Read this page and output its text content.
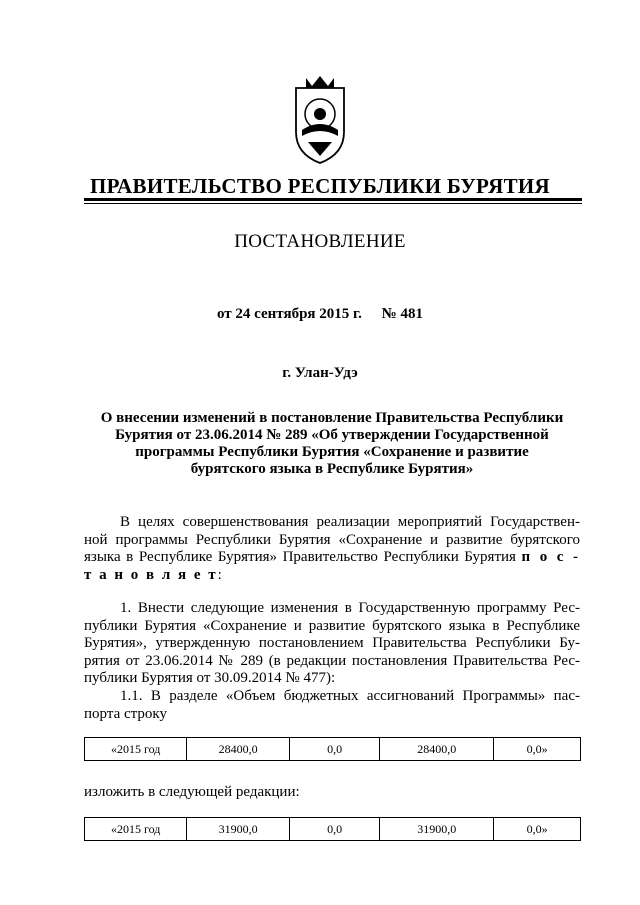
ПРАВИТЕЛЬСТВО РЕСПУБЛИКИ БУРЯТИЯ
ПОСТАНОВЛЕНИЕ
от 24 сентября 2015 г. № 481
г. Улан-Удэ
О внесении изменений в постановление Правительства Республики
Бурятия от 23.06.2014 № 289 «Об утверждении Государственной
программы Республики Бурятия «Сохранение и развитие
бурятского языка в Республике Бурятия»
В целях совершенствования реализации мероприятий Государствен-
ной программы Республики Бурятия «Сохранение и развитие бурятского
языка в Республике Бурятия» Правительство Республики Бурятия п о с -
т а н о в л я е т:
1. Внести следующие изменения в Государственную программу Рес-
публики Бурятия «Сохранение и развитие бурятского языка в Республике
Бурятия», утвержденную постановлением Правительства Республики Бу-
рятия от 23.06.2014 № 289 (в редакции постановления Правительства Рес-
публики Бурятия от 30.09.2014 № 477):
1.1. В разделе «Объем бюджетных ассигнований Программы» пас-
порта строку
«2015 год	28400,0	0,0	28400,0	0,0»
изложить в следующей редакции:
«2015 год	31900,0	0,0	31900,0	0,0»
